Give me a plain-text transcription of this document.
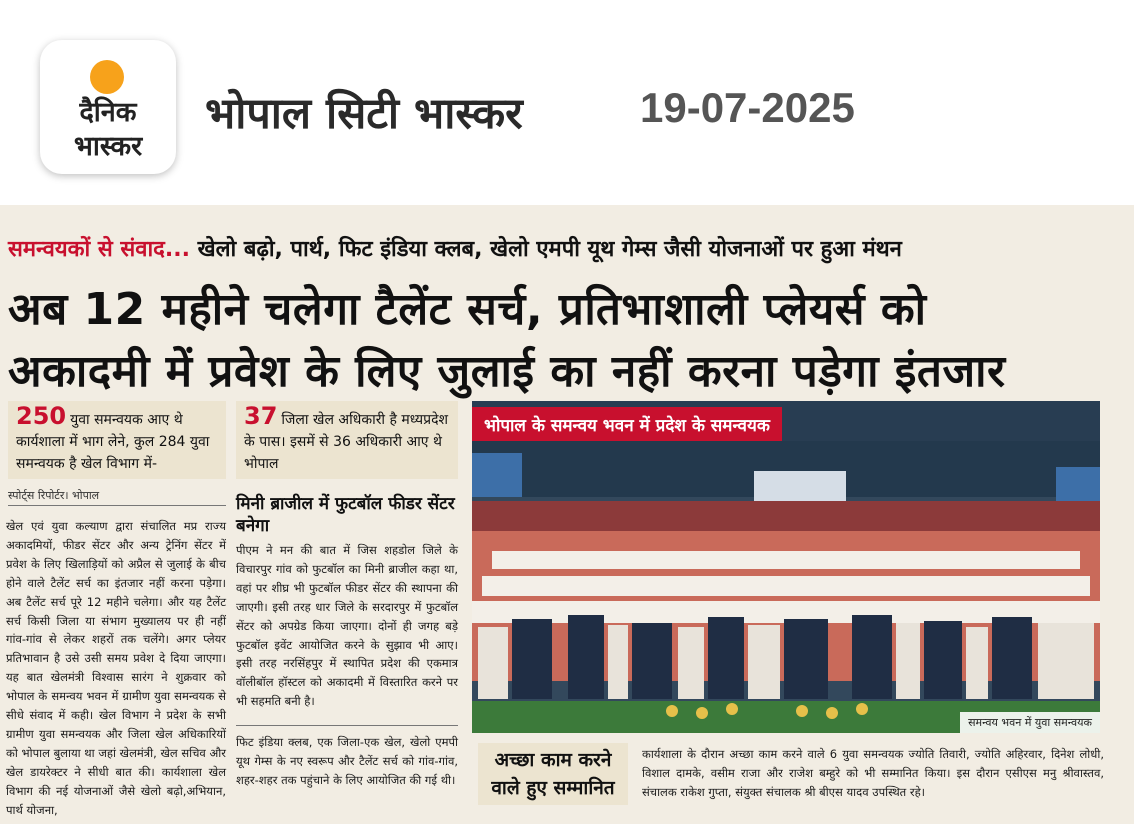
दैनिक
भास्कर
भोपाल सिटी भास्कर	19-07-2025
समन्वयकों से संवाद... खेलो बढ़ो, पार्थ, फिट इंडिया क्लब, खेलो एमपी यूथ गेम्स जैसी योजनाओं पर हुआ मंथन
अब 12 महीने चलेगा टैलेंट सर्च, प्रतिभाशाली प्लेयर्स को
अकादमी में प्रवेश के लिए जुलाई का नहीं करना पड़ेगा इंतजार
250 युवा समन्वयक आए थे कार्यशाला में भाग लेने, कुल 284 युवा समन्वयक है खेल विभाग में-
37 जिला खेल अधिकारी है मध्यप्रदेश के पास। इसमें से 36 अधिकारी आए थे भोपाल
स्पोर्ट्स रिपोर्टर। भोपाल
खेल एवं युवा कल्याण द्वारा संचालित मप्र राज्य अकादमियों, फीडर सेंटर और अन्य ट्रेनिंग सेंटर में प्रवेश के लिए खिलाड़ियों को अप्रैल से जुलाई के बीच होने वाले टैलेंट सर्च का इंतजार नहीं करना पड़ेगा। अब टैलेंट सर्च पूरे 12 महीने चलेगा। और यह टैलेंट सर्च किसी जिला या संभाग मुख्यालय पर ही नहीं गांव-गांव से लेकर शहरों तक चलेंगे। अगर प्लेयर प्रतिभावान है उसे उसी समय प्रवेश दे दिया जाएगा। यह बात खेलमंत्री विश्वास सारंग ने शुक्रवार को भोपाल के समन्वय भवन में ग्रामीण युवा समन्वयक से सीधे संवाद में कही। खेल विभाग ने प्रदेश के सभी ग्रामीण युवा समन्वयक और जिला खेल अधिकारियों को भोपाल बुलाया था जहां खेलमंत्री, खेल सचिव और खेल डायरेक्टर ने सीधी बात की। कार्यशाला खेल विभाग की नई योजनाओं जैसे खेलो बढ़ो,अभियान, पार्थ योजना,
मिनी ब्राजील में फुटबॉल फीडर सेंटर बनेगा
पीएम ने मन की बात में जिस शहडोल जिले के विचारपुर गांव को फुटबॉल का मिनी ब्राजील कहा था, वहां पर शीघ्र भी फुटबॉल फीडर सेंटर की स्थापना की जाएगी। इसी तरह धार जिले के सरदारपुर में फुटबॉल सेंटर को अपग्रेड किया जाएगा। दोनों ही जगह बड़े फुटबॉल इवेंट आयोजित करने के सुझाव भी आए। इसी तरह नरसिंहपुर में स्थापित प्रदेश की एकमात्र वॉलीबॉल हॉस्टल को अकादमी में विस्तारित करने पर भी सहमति बनी है।
फिट इंडिया क्लब, एक जिला-एक खेल, खेलो एमपी यूथ गेम्स के नए स्वरूप और टैलेंट सर्च को गांव-गांव, शहर-शहर तक पहुंचाने के लिए आयोजित की गई थी।
भोपाल के समन्वय भवन में प्रदेश के समन्वयक
समन्वय भवन में युवा समन्वयक
अच्छा काम करने वाले हुए सम्मानित
कार्यशाला के दौरान अच्छा काम करने वाले 6 युवा समन्वयक ज्योति तिवारी, ज्योति अहिरवार, दिनेश लोधी, विशाल दामके, वसीम राजा और राजेश बम्हुरे को भी सम्मानित किया। इस दौरान एसीएस मनु श्रीवास्तव, संचालक राकेश गुप्ता, संयुक्त संचालक श्री बीएस यादव उपस्थित रहे।
